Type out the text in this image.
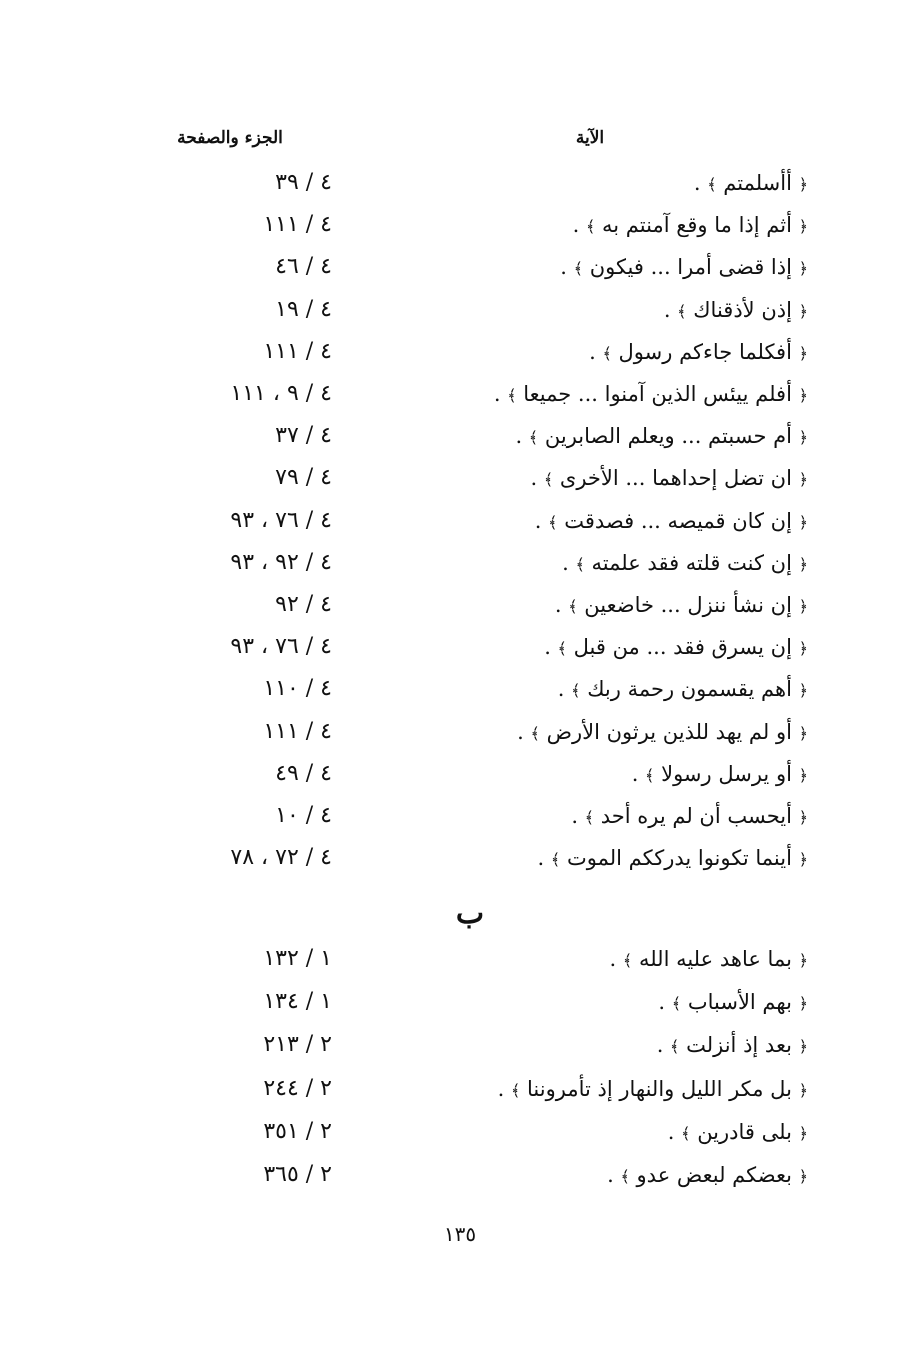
الآية
الجزء والصفحة
﴿ أأسلمتم ﴾ .
٤ / ٣٩
﴿ أثم إذا ما وقع آمنتم به ﴾ .
٤ / ١١١
﴿ إذا قضى أمرا ... فيكون ﴾ .
٤ / ٤٦
﴿ إذن لأذقناك ﴾ .
٤ / ١٩
﴿ أفكلما جاءكم رسول ﴾ .
٤ / ١١١
﴿ أفلم ييئس الذين آمنوا ... جميعا ﴾ .
٤ / ٩ ، ١١١
﴿ أم حسبتم ... ويعلم الصابرين ﴾ .
٤ / ٣٧
﴿ ان تضل إحداهما ... الأخرى ﴾ .
٤ / ٧٩
﴿ إن كان قميصه ... فصدقت ﴾ .
٤ / ٧٦ ، ٩٣
﴿ إن كنت قلته فقد علمته ﴾ .
٤ / ٩٢ ، ٩٣
﴿ إن نشأ ننزل ... خاضعين ﴾ .
٤ / ٩٢
﴿ إن يسرق فقد ... من قبل ﴾ .
٤ / ٧٦ ، ٩٣
﴿ أهم يقسمون رحمة ربك ﴾ .
٤ / ١١٠
﴿ أو لم يهد للذين يرثون الأرض ﴾ .
٤ / ١١١
﴿ أو يرسل رسولا ﴾ .
٤ / ٤٩
﴿ أيحسب أن لم يره أحد ﴾ .
٤ / ١٠
﴿ أينما تكونوا يدرككم الموت ﴾ .
٤ / ٧٢ ، ٧٨
ب
﴿ بما عاهد عليه الله ﴾ .
١ / ١٣٢
﴿ بهم الأسباب ﴾ .
١ / ١٣٤
﴿ بعد إذ أنزلت ﴾ .
٢ / ٢١٣
﴿ بل مكر الليل والنهار إذ تأمروننا ﴾ .
٢ / ٢٤٤
﴿ بلى قادرين ﴾ .
٢ / ٣٥١
﴿ بعضكم لبعض عدو ﴾ .
٢ / ٣٦٥
١٣٥
